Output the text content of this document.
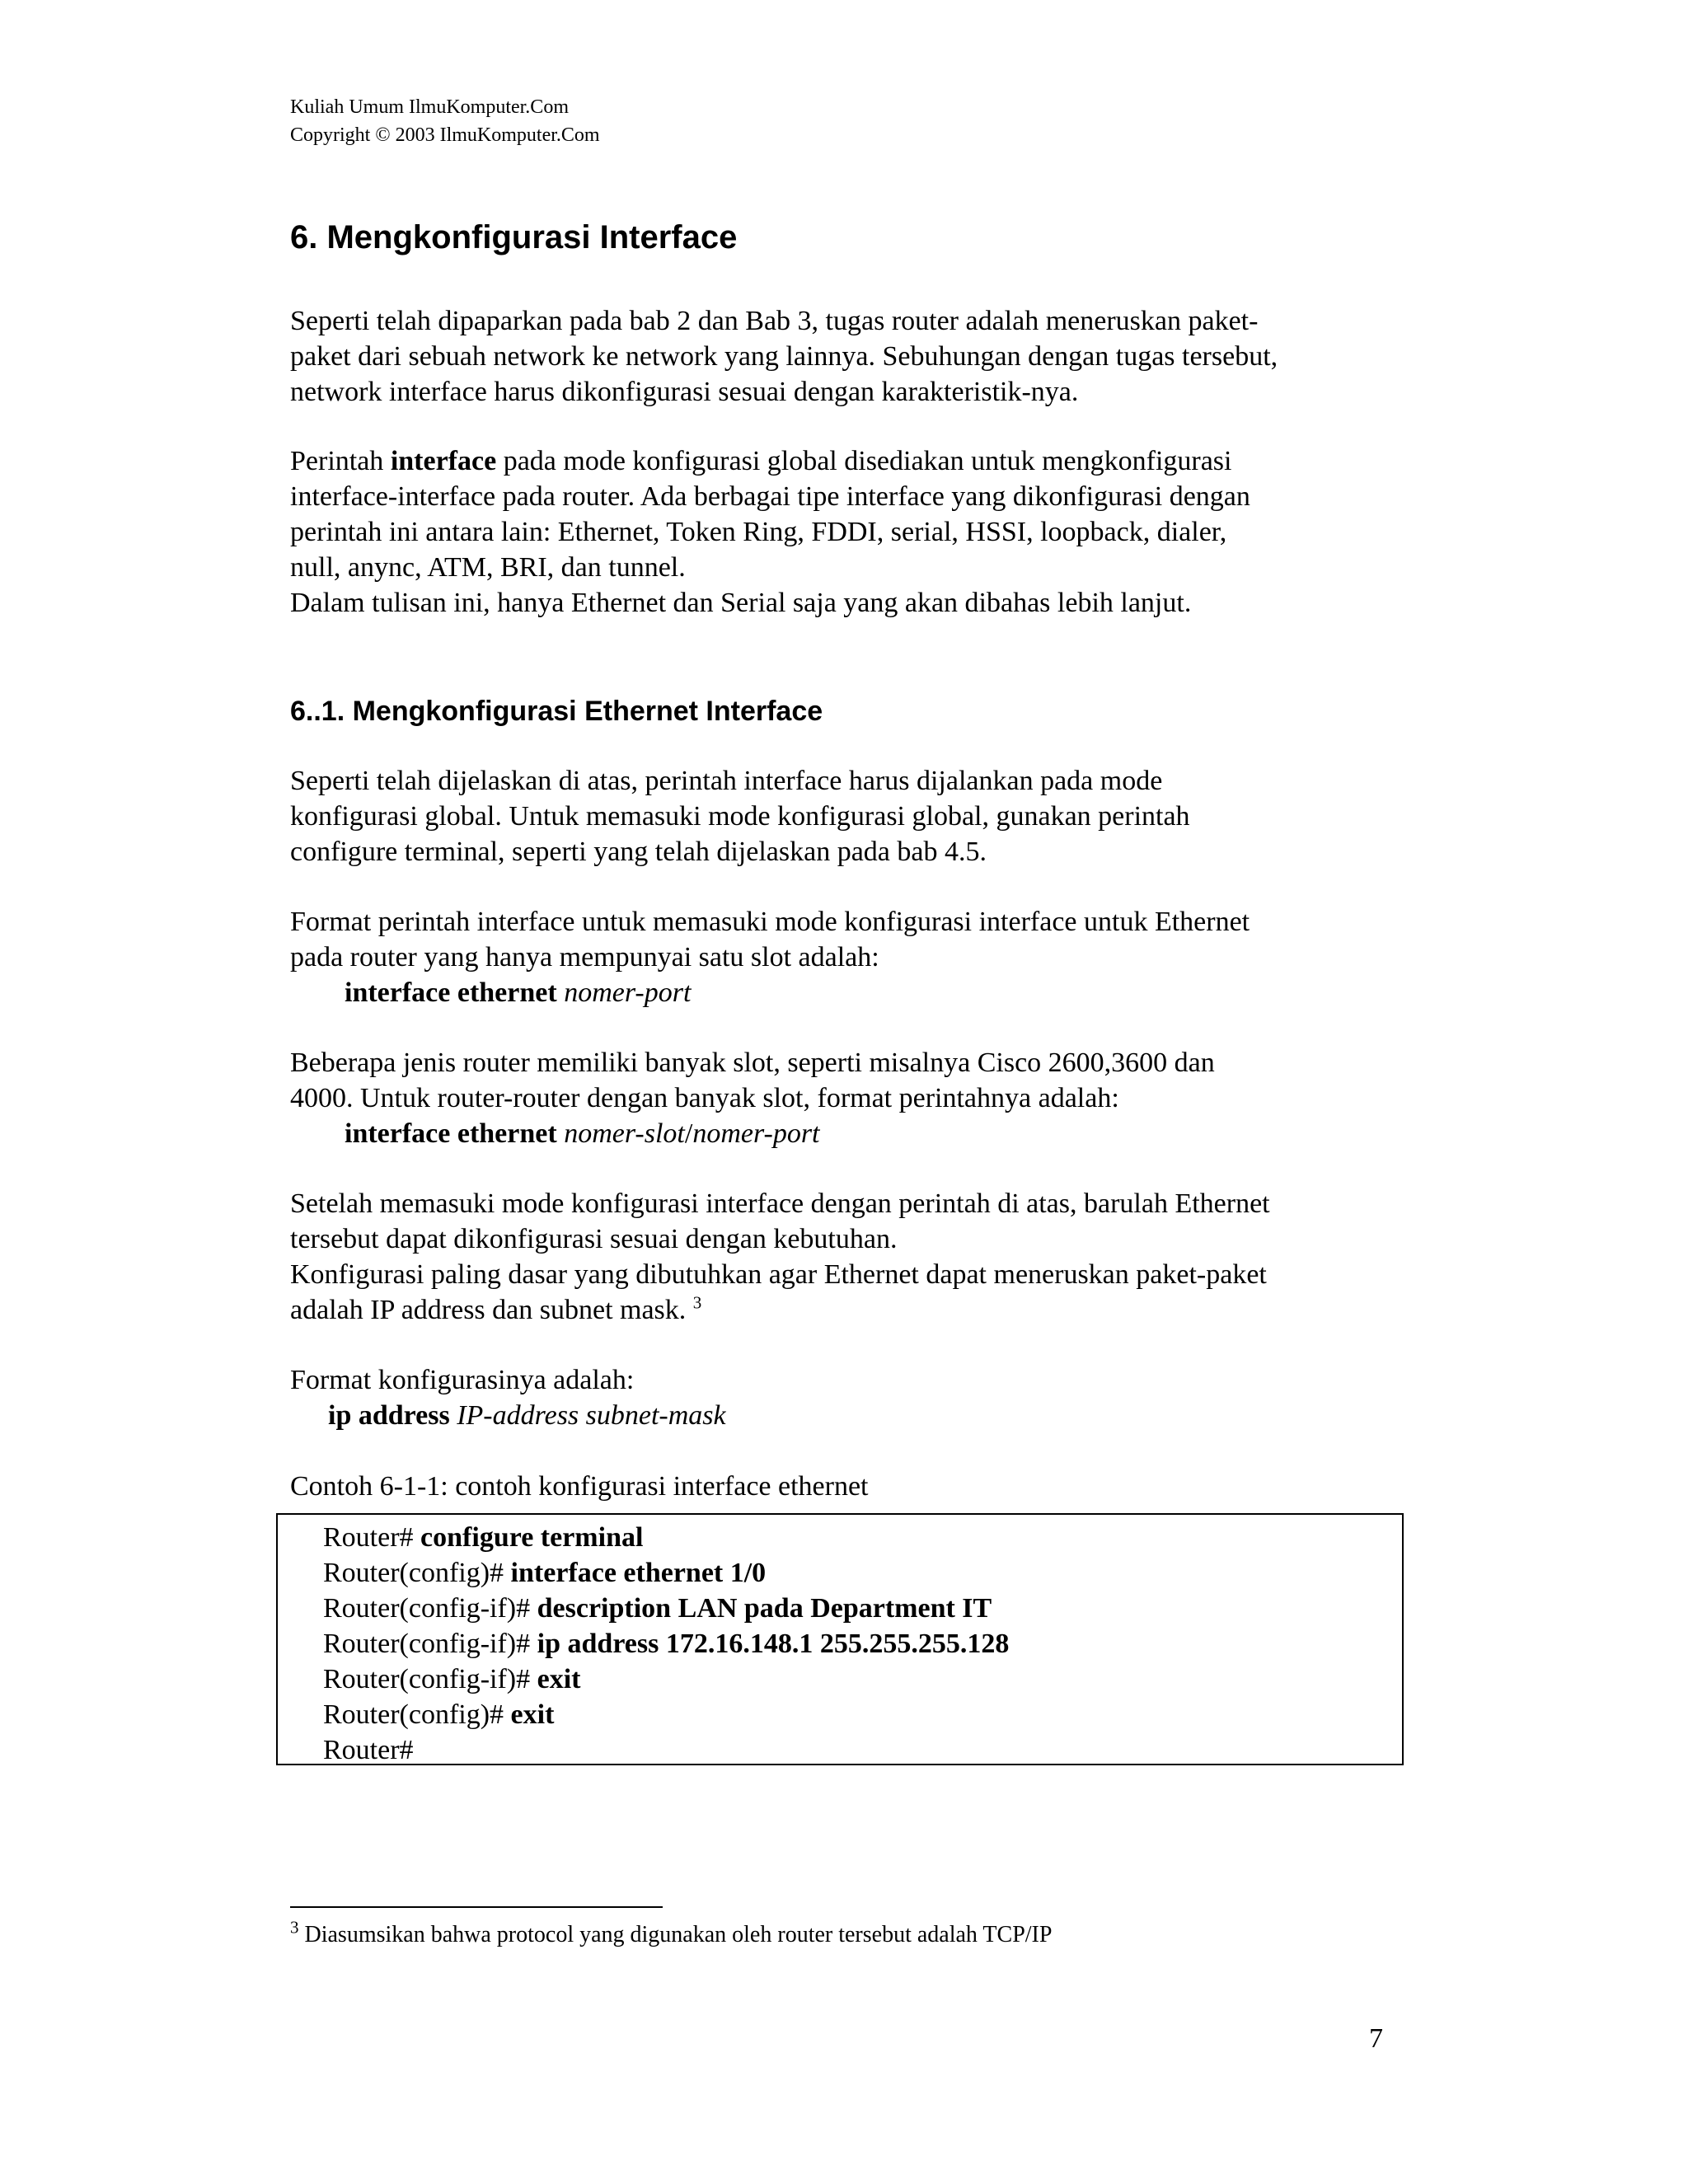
Kuliah Umum IlmuKomputer.Com
Copyright © 2003 IlmuKomputer.Com
6. Mengkonfigurasi Interface

Seperti telah dipaparkan pada bab 2 dan Bab 3, tugas router adalah meneruskan paket-
paket dari sebuah network ke network yang lainnya. Sebuhungan dengan tugas tersebut,
network interface harus dikonfigurasi sesuai dengan karakteristik-nya.

Perintah interface pada mode konfigurasi global disediakan untuk mengkonfigurasi
interface-interface pada router. Ada berbagai tipe interface yang dikonfigurasi dengan
perintah ini antara lain: Ethernet, Token Ring, FDDI, serial, HSSI, loopback, dialer,
null, anync, ATM, BRI, dan tunnel.
Dalam tulisan ini, hanya Ethernet dan Serial saja yang akan dibahas lebih lanjut.

6..1. Mengkonfigurasi Ethernet Interface

Seperti telah dijelaskan di atas, perintah interface harus dijalankan pada mode
konfigurasi global. Untuk memasuki mode konfigurasi global, gunakan perintah
configure terminal, seperti yang telah dijelaskan pada bab 4.5.

Format perintah interface untuk memasuki mode konfigurasi interface untuk Ethernet
pada router yang hanya mempunyai satu slot adalah:

interface ethernet nomer-port

Beberapa jenis router memiliki banyak slot, seperti misalnya Cisco 2600,3600 dan
4000. Untuk router-router dengan banyak slot, format perintahnya adalah:

interface ethernet nomer-slot/nomer-port

Setelah memasuki mode konfigurasi interface dengan perintah di atas, barulah Ethernet
tersebut dapat dikonfigurasi sesuai dengan kebutuhan.

Konfigurasi paling dasar yang dibutuhkan agar Ethernet dapat meneruskan paket-paket
adalah IP address dan subnet mask. $^3$

Format konfigurasinya adalah:

ip address IP-address subnet-mask

Contoh 6-1-1: contoh konfigurasi interface ethernet

Router# configure terminal
Router(config)# interface ethernet 1/0
Router(config-if)# description LAN pada Department IT
Router(config-if)# ip address 172.16.148.1 255.255.255.128
Router(config-if)# exit
Router(config)# exit
Router#
$^3$ Diasumsikan bahwa protocol yang digunakan oleh router tersebut adalah TCP/IP
7
